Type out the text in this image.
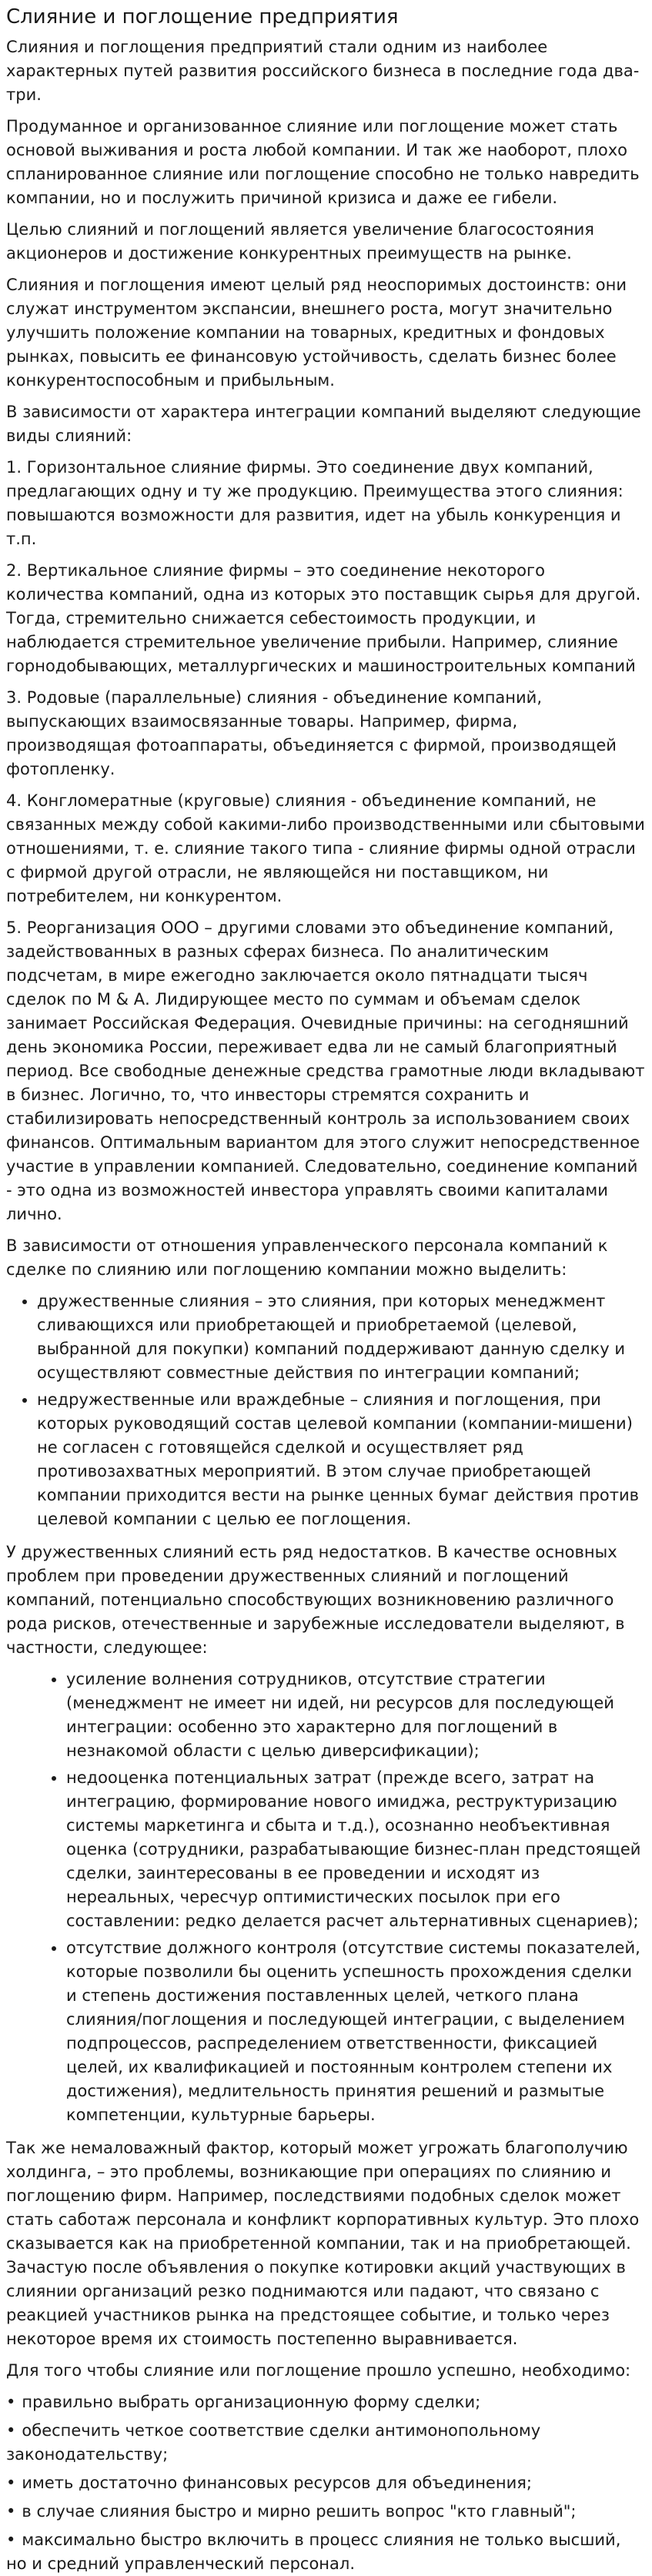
Слияние и поглощение предприятия

Слияния и поглощения предприятий стали одним из наиболее характерных путей развития российского бизнеса в последние года два-три.

Продуманное и организованное слияние или поглощение может стать основой выживания и роста любой компании. И так же наоборот, плохо спланированное слияние или поглощение способно не только навредить компании, но и послужить причиной кризиса и даже ее гибели.

Целью слияний и поглощений является увеличение благосостояния акционеров и достижение конкурентных преимуществ на рынке.

Слияния и поглощения имеют целый ряд неоспоримых достоинств: они служат инструментом экспансии, внешнего роста, могут значительно улучшить положение компании на товарных, кредитных и фондовых рынках, повысить ее финансовую устойчивость, сделать бизнес более конкурентоспособным и прибыльным.

В зависимости от характера интеграции компаний выделяют следующие виды слияний:

1. Горизонтальное слияние фирмы. Это соединение двух компаний, предлагающих одну и ту же продукцию. Преимущества этого слияния: повышаются возможности для развития, идет на убыль конкуренция и т.п.

2. Вертикальное слияние фирмы – это соединение некоторого количества компаний, одна из которых это поставщик сырья для другой. Тогда, стремительно снижается себестоимость продукции, и наблюдается стремительное увеличение прибыли. Например, слияние горнодобывающих, металлургических и машиностроительных компаний

3. Родовые (параллельные) слияния - объединение компаний, выпускающих взаимосвязанные товары. Например, фирма, производящая фотоаппараты, объединяется с фирмой, производящей фотопленку.

4. Конгломератные (круговые) слияния - объединение компаний, не связанных между собой какими-либо производственными или сбытовыми отношениями, т. е. слияние такого типа - слияние фирмы одной отрасли с фирмой другой отрасли, не являющейся ни поставщиком, ни потребителем, ни конкурентом.

5. Реорганизация ООО – другими словами это объединение компаний, задействованных в разных сферах бизнеса. По аналитическим подсчетам, в мире ежегодно заключается около пятнадцати тысяч сделок по М & А. Лидирующее место по суммам и объемам сделок занимает Российская Федерация. Очевидные причины: на сегодняшний день экономика России, переживает едва ли не самый благоприятный период. Все свободные денежные средства грамотные люди вкладывают в бизнес. Логично, то, что инвесторы стремятся сохранить и стабилизировать непосредственный контроль за использованием своих финансов. Оптимальным вариантом для этого служит непосредственное участие в управлении компанией. Следовательно, соединение компаний - это одна из возможностей инвестора управлять своими капиталами лично.

В зависимости от отношения управленческого персонала компаний к сделке по слиянию или поглощению компании можно выделить:

• дружественные слияния – это слияния, при которых менеджмент сливающихся или приобретающей и приобретаемой (целевой, выбранной для покупки) компаний поддерживают данную сделку и осуществляют совместные действия по интеграции компаний;
• недружественные или враждебные – слияния и поглощения, при которых руководящий состав целевой компании (компании-мишени) не согласен с готовящейся сделкой и осуществляет ряд противозахватных мероприятий. В этом случае приобретающей компании приходится вести на рынке ценных бумаг действия против целевой компании с целью ее поглощения.

У дружественных слияний есть ряд недостатков. В качестве основных проблем при проведении дружественных слияний и поглощений компаний, потенциально способствующих возникновению различного рода рисков, отечественные и зарубежные исследователи выделяют, в частности, следующее:

• усиление волнения сотрудников, отсутствие стратегии (менеджмент не имеет ни идей, ни ресурсов для последующей интеграции: особенно это характерно для поглощений в незнакомой области с целью диверсификации);
• недооценка потенциальных затрат (прежде всего, затрат на интеграцию, формирование нового имиджа, реструктуризацию системы маркетинга и сбыта и т.д.), осознанно необъективная оценка (сотрудники, разрабатывающие бизнес-план предстоящей сделки, заинтересованы в ее проведении и исходят из нереальных, чересчур оптимистических посылок при его составлении: редко делается расчет альтернативных сценариев);
• отсутствие должного контроля (отсутствие системы показателей, которые позволили бы оценить успешность прохождения сделки и степень достижения поставленных целей, четкого плана слияния/поглощения и последующей интеграции, с выделением подпроцессов, распределением ответственности, фиксацией целей, их квалификацией и постоянным контролем степени их достижения), медлительность принятия решений и размытые компетенции, культурные барьеры.

Так же немаловажный фактор, который может угрожать благополучию холдинга, – это проблемы, возникающие при операциях по слиянию и поглощению фирм. Например, последствиями подобных сделок может стать саботаж персонала и конфликт корпоративных культур. Это плохо сказывается как на приобретенной компании, так и на приобретающей. Зачастую после объявления о покупке котировки акций участвующих в слиянии организаций резко поднимаются или падают, что связано с реакцией участников рынка на предстоящее событие, и только через некоторое время их стоимость постепенно выравнивается.

Для того чтобы слияние или поглощение прошло успешно, необходимо:

• правильно выбрать организационную форму сделки;
• обеспечить четкое соответствие сделки антимонопольному законодательству;
• иметь достаточно финансовых ресурсов для объединения;
• в случае слияния быстро и мирно решить вопрос "кто главный";
• максимально быстро включить в процесс слияния не только высший, но и средний управленческий персонал.
